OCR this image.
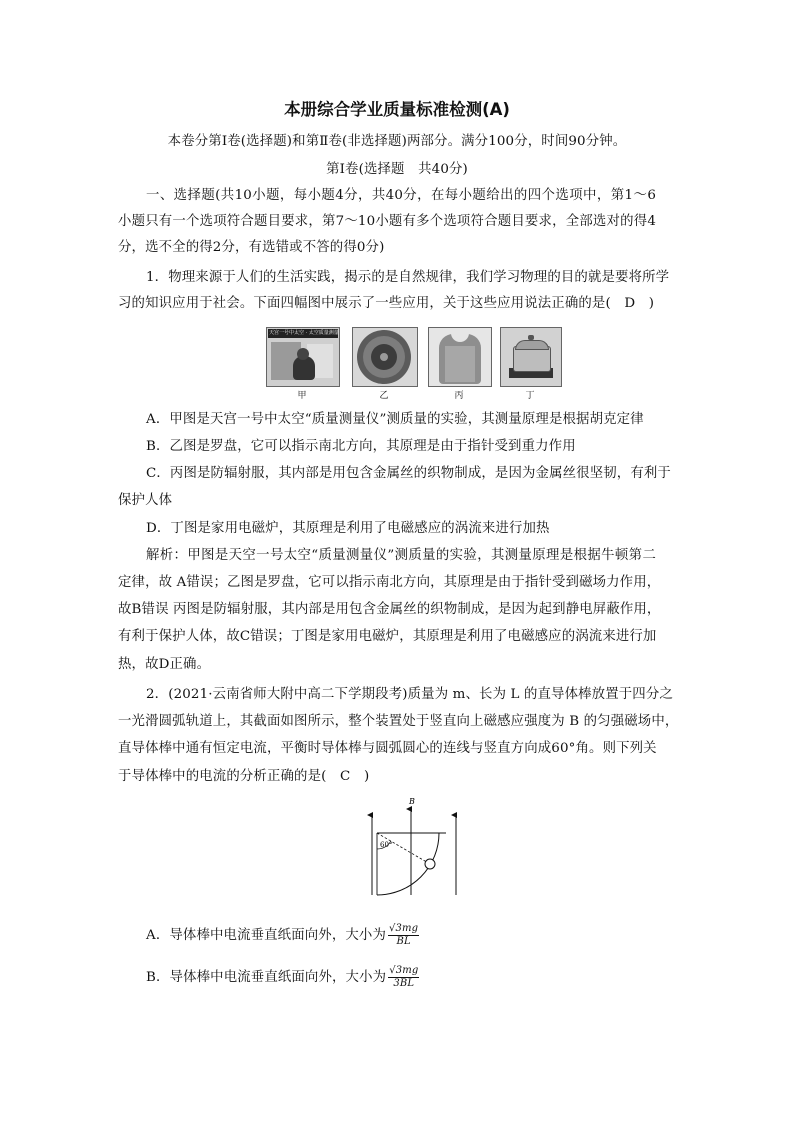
本册综合学业质量标准检测(A)
本卷分第Ⅰ卷(选择题)和第Ⅱ卷(非选择题)两部分。满分100分，时间90分钟。
第Ⅰ卷(选择题　共40分)
一、选择题(共10小题，每小题4分，共40分，在每小题给出的四个选项中，第1～6
小题只有一个选项符合题目要求，第7～10小题有多个选项符合题目要求，全部选对的得4
分，选不全的得2分，有选错或不答的得0分)
1．物理来源于人们的生活实践，揭示的是自然规律，我们学习物理的目的就是要将所学
习的知识应用于社会。下面四幅图中展示了一些应用，关于这些应用说法正确的是(　D　)
天宫一号中太空 · 太空质量测量
甲	乙	丙	丁
A．甲图是天宫一号中太空“质量测量仪”测质量的实验，其测量原理是根据胡克定律
B．乙图是罗盘，它可以指示南北方向，其原理是由于指针受到重力作用
C．丙图是防辐射服，其内部是用包含金属丝的织物制成，是因为金属丝很坚韧，有利于
保护人体
D．丁图是家用电磁炉，其原理是利用了电磁感应的涡流来进行加热
解析：甲图是天空一号太空“质量测量仪”测质量的实验，其测量原理是根据牛顿第二
定律，故 A错误；乙图是罗盘，它可以指示南北方向，其原理是由于指针受到磁场力作用，
故B错误 丙图是防辐射服，其内部是用包含金属丝的织物制成，是因为起到静电屏蔽作用，
有利于保护人体，故C错误；丁图是家用电磁炉，其原理是利用了电磁感应的涡流来进行加
热，故D正确。
2．(2021·云南省师大附中高二下学期段考)质量为 m、长为 L 的直导体棒放置于四分之
一光滑圆弧轨道上，其截面如图所示，整个装置处于竖直向上磁感应强度为 B 的匀强磁场中，
直导体棒中通有恒定电流，平衡时导体棒与圆弧圆心的连线与竖直方向成60°角。则下列关
于导体棒中的电流的分析正确的是(　C　)
B
60°
A．导体棒中电流垂直纸面向外，大小为 $\frac{√3mg}{BL}$
B．导体棒中电流垂直纸面向外，大小为 $\frac{√3mg}{3BL}$
